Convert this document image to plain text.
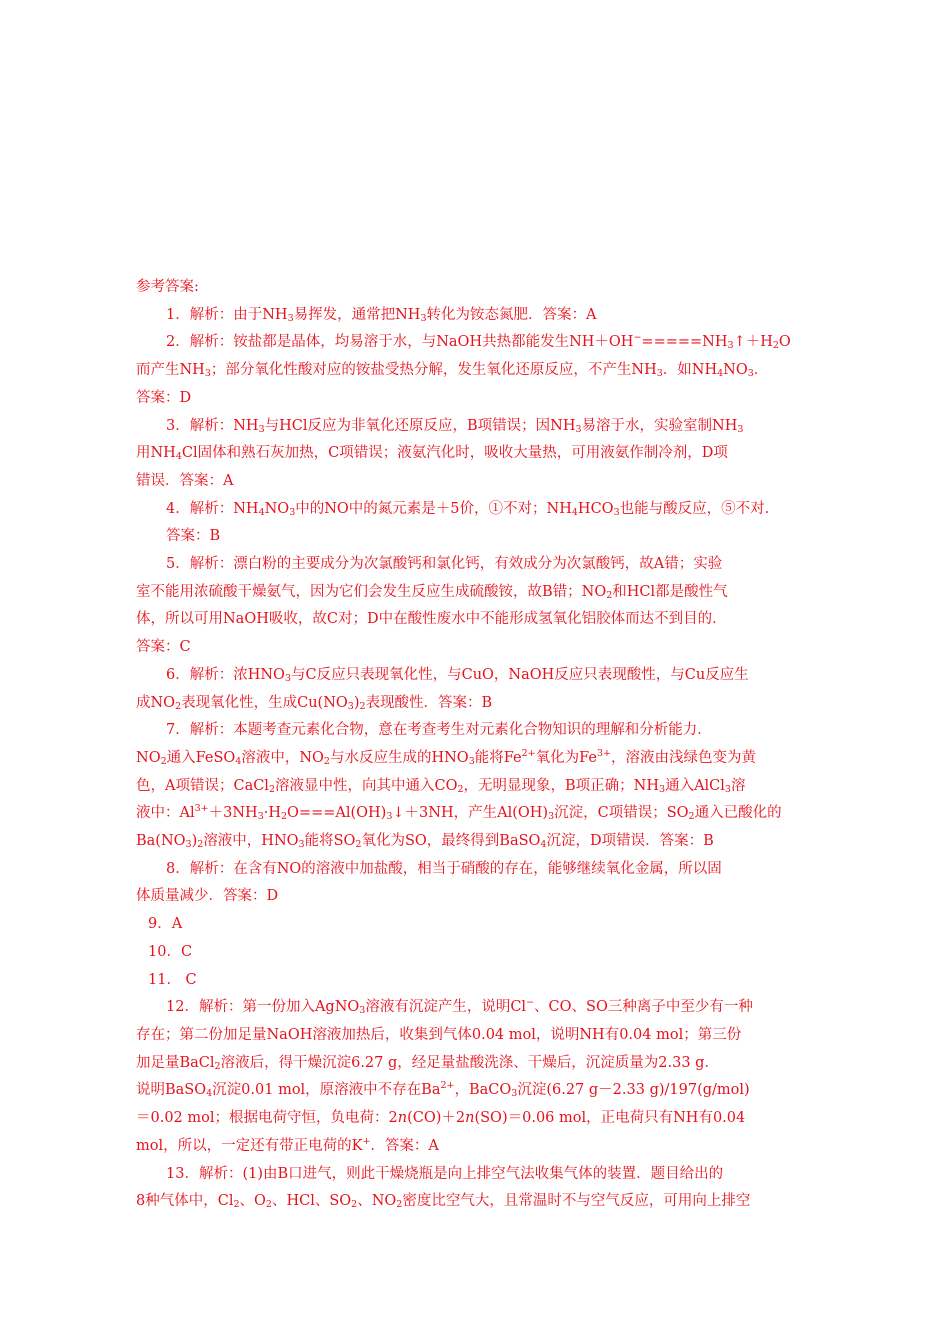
参考答案:

1．解析：由于$NH_3$易挥发，通常把$NH_3$转化为铵态氮肥．答案：A

2．解析：铵盐都是晶体，均易溶于水，与NaOH共热都能发生$NH+OH^-=====NH_3↑+H_2O$

而产生$NH_3$；部分氧化性酸对应的铵盐受热分解，发生氧化还原反应，不产生$NH_3$．如$NH_4NO_3$．

答案：D

3．解析：$NH_3$与HCl反应为非氧化还原反应，B项错误；因$NH_3$易溶于水，实验室制$NH_3$

用$NH_4Cl$固体和熟石灰加热，C项错误；液氨汽化时，吸收大量热，可用液氨作制冷剂，D项

错误．答案：A

4．解析：$NH_4NO_3$中的NO中的氮元素是＋5价，①不对；$NH_4HCO_3$也能与酸反应，⑤不对．

答案：B

5．解析：漂白粉的主要成分为次氯酸钙和氯化钙，有效成分为次氯酸钙，故A错；实验

室不能用浓硫酸干燥氨气，因为它们会发生反应生成硫酸铵，故B错；$NO_2$和HCl都是酸性气

体，所以可用NaOH吸收，故C对；D中在酸性废水中不能形成氢氧化铝胶体而达不到目的．

答案：C

6．解析：浓$HNO_3$与C反应只表现氧化性，与CuO，NaOH反应只表现酸性，与Cu反应生

成$NO_2$表现氧化性，生成$Cu(NO_3)_2$表现酸性．答案：B

7．解析：本题考查元素化合物，意在考查考生对元素化合物知识的理解和分析能力．

$NO_2$通入FeSO$_4$溶液中，$NO_2$与水反应生成的$HNO_3$能将$Fe^{2+}$氧化为$Fe^{3+}$，溶液由浅绿色变为黄

色，A项错误；CaCl$_2$溶液显中性，向其中通入$CO_2$，无明显现象，B项正确；$NH_3$通入AlCl$_3$溶

液中：$Al^{3+}+3NH_3\cdot H_2O===Al(OH)_3↓+3NH$，产生$Al(OH)_3$沉淀，C项错误；$SO_2$通入已酸化的

$Ba(NO_3)_2$溶液中，$HNO_3$能将$SO_2$氧化为SO，最终得到BaSO$_4$沉淀，D项错误．答案：B

8．解析：在含有NO的溶液中加盐酸，相当于硝酸的存在，能够继续氧化金属，所以固

体质量减少．答案：D

9．A

10．C

11． C

12．解析：第一份加入AgNO$_3$溶液有沉淀产生，说明Cl−、CO、SO三种离子中至少有一种

存在；第二份加足量NaOH溶液加热后，收集到气体0.04 mol，说明NH有0.04 mol；第三份

加足量BaCl$_2$溶液后，得干燥沉淀6.27 g，经足量盐酸洗涤、干燥后，沉淀质量为2.33 g．

说明BaSO$_4$沉淀0.01 mol，原溶液中不存在$Ba^{2+}$，BaCO$_3$沉淀(6.27 g－2.33 g)/197(g/mol)

＝0.02 mol；根据电荷守恒，负电荷：2n(CO)＋2n(SO)＝0.06 mol，正电荷只有NH有0.04

mol，所以，一定还有带正电荷的K+．答案：A

13．解析：(1)由B口进气，则此干燥烧瓶是向上排空气法收集气体的装置．题目给出的

8种气体中，$Cl_2$、$O_2$、HCl、$SO_2$、$NO_2$密度比空气大，且常温时不与空气反应，可用向上排空
